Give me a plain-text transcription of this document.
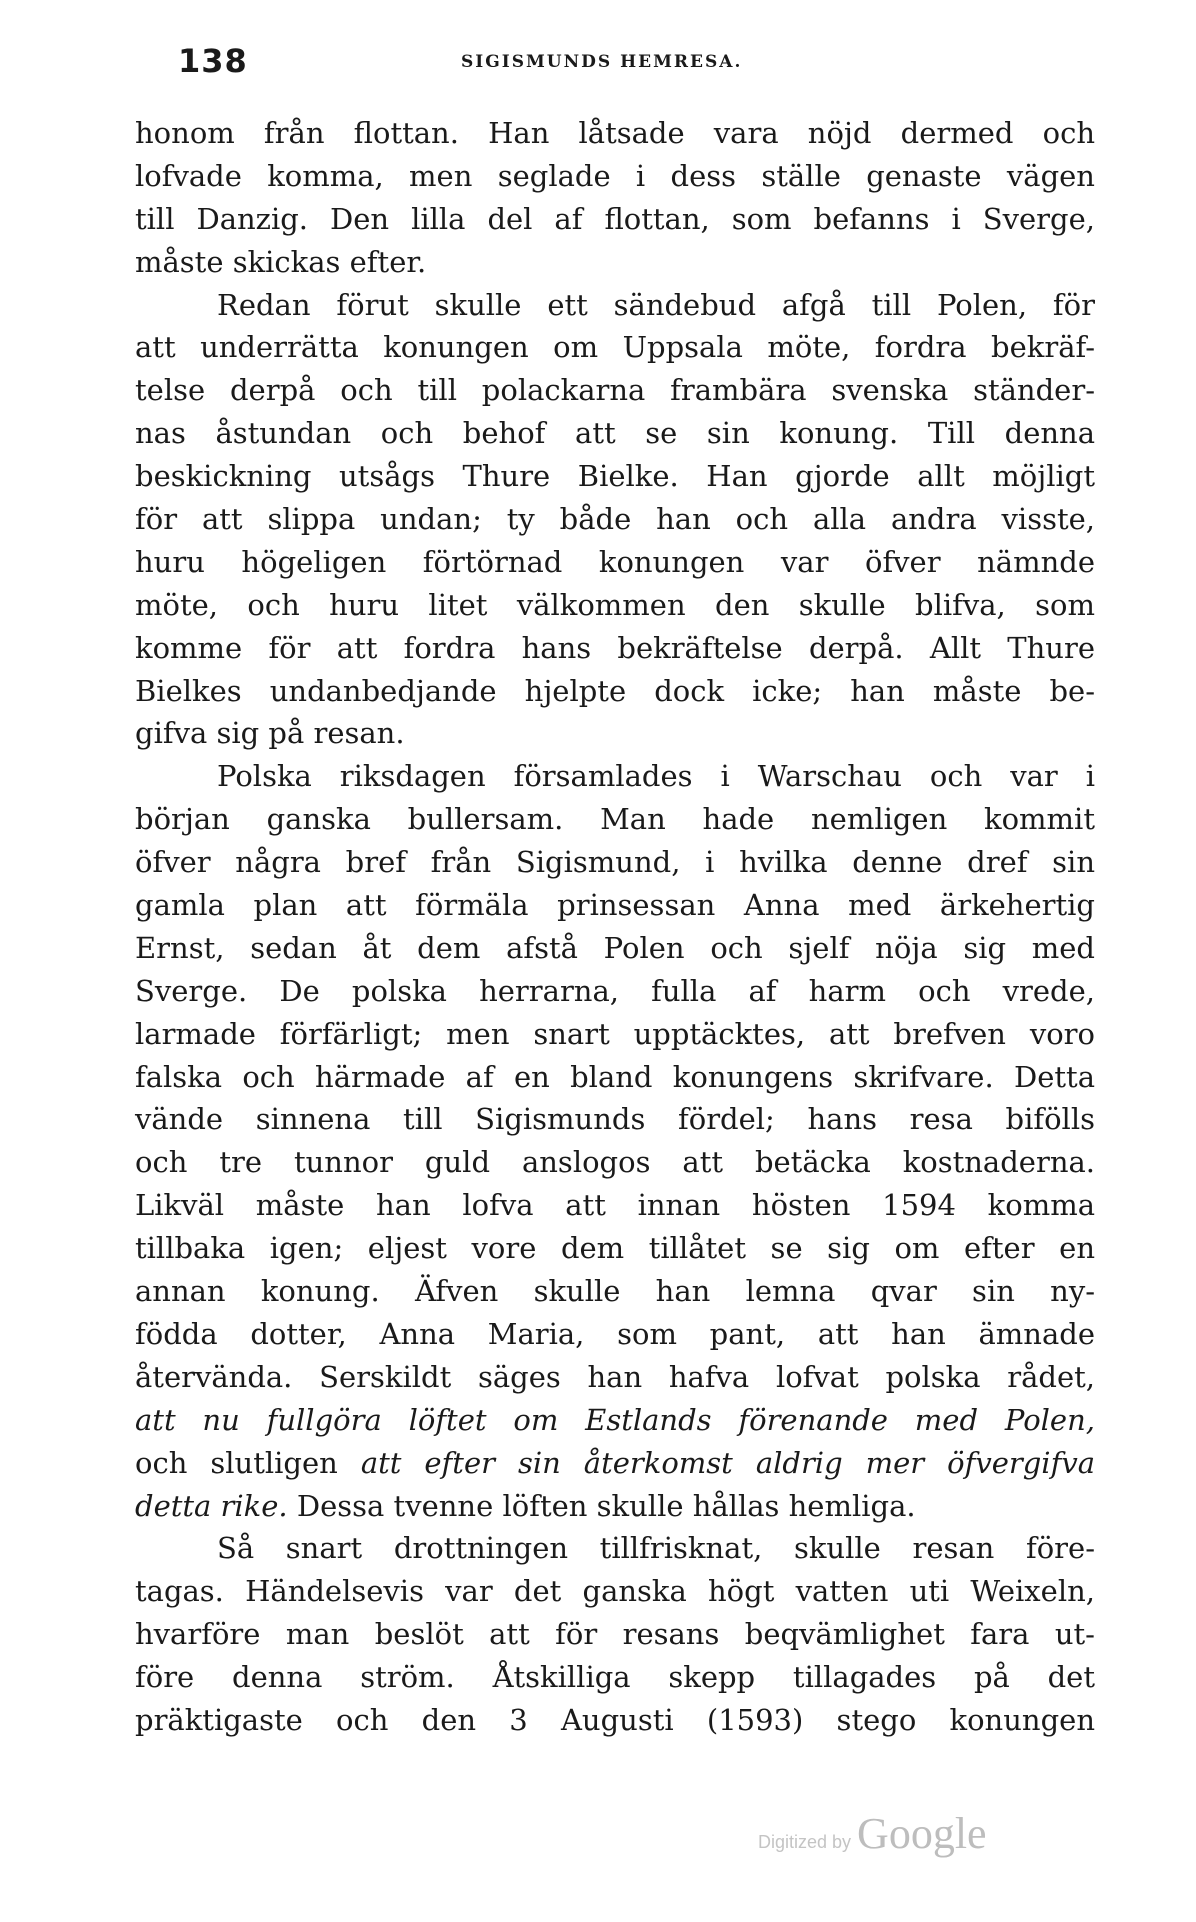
138	SIGISMUNDS HEMRESA.
honom från flottan. Han låtsade vara nöjd dermed och
lofvade komma, men seglade i dess ställe genaste vägen
till Danzig. Den lilla del af flottan, som befanns i Sverge,
måste skickas efter.
Redan förut skulle ett sändebud afgå till Polen, för
att underrätta konungen om Uppsala möte, fordra bekräf-
telse derpå och till polackarna frambära svenska ständer-
nas åstundan och behof att se sin konung. Till denna
beskickning utsågs Thure Bielke. Han gjorde allt möjligt
för att slippa undan; ty både han och alla andra visste,
huru högeligen förtörnad konungen var öfver nämnde
möte, och huru litet välkommen den skulle blifva, som
komme för att fordra hans bekräftelse derpå. Allt Thure
Bielkes undanbedjande hjelpte dock icke; han måste be-
gifva sig på resan.
Polska riksdagen församlades i Warschau och var i
början ganska bullersam. Man hade nemligen kommit
öfver några bref från Sigismund, i hvilka denne dref sin
gamla plan att förmäla prinsessan Anna med ärkehertig
Ernst, sedan åt dem afstå Polen och sjelf nöja sig med
Sverge. De polska herrarna, fulla af harm och vrede,
larmade förfärligt; men snart upptäcktes, att brefven voro
falska och härmade af en bland konungens skrifvare. Detta
vände sinnena till Sigismunds fördel; hans resa bifölls
och tre tunnor guld anslogos att betäcka kostnaderna.
Likväl måste han lofva att innan hösten 1594 komma
tillbaka igen; eljest vore dem tillåtet se sig om efter en
annan konung. Äfven skulle han lemna qvar sin ny-
födda dotter, Anna Maria, som pant, att han ämnade
återvända. Serskildt säges han hafva lofvat polska rådet,
att nu fullgöra löftet om Estlands förenande med Polen,
och slutligen att efter sin återkomst aldrig mer öfvergifva
detta rike. Dessa tvenne löften skulle hållas hemliga.
Så snart drottningen tillfrisknat, skulle resan före-
tagas. Händelsevis var det ganska högt vatten uti Weixeln,
hvarföre man beslöt att för resans beqvämlighet fara ut-
före denna ström. Åtskilliga skepp tillagades på det
präktigaste och den 3 Augusti (1593) stego konungen
Digitized by Google
